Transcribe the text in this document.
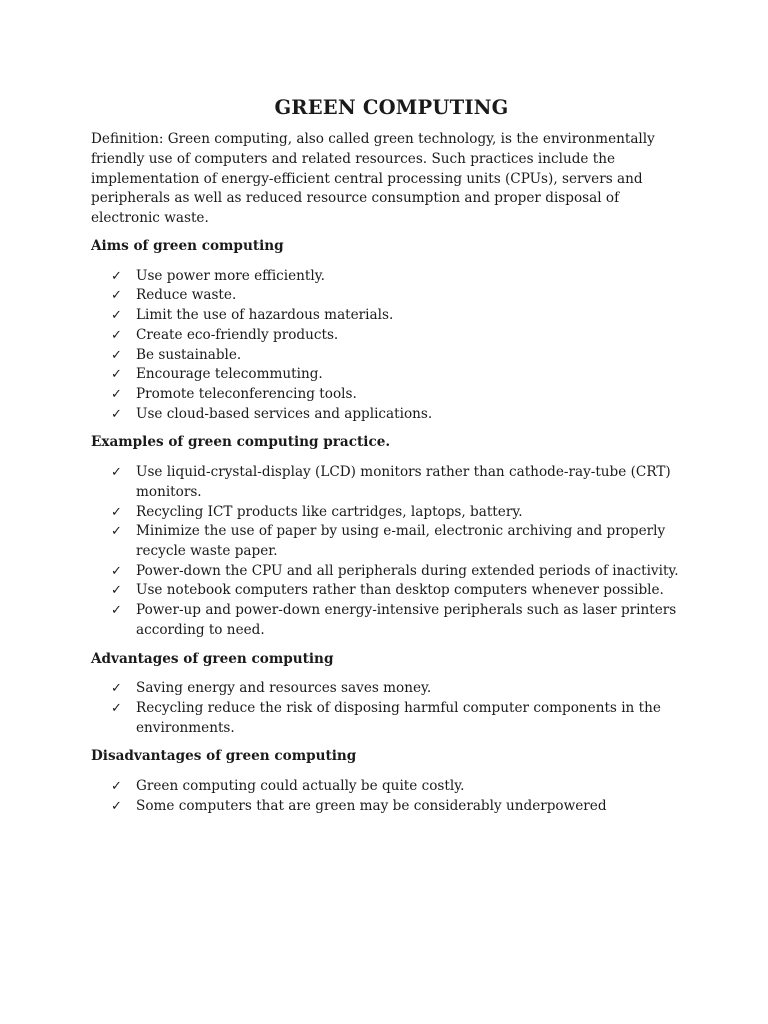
GREEN COMPUTING

Definition: Green computing, also called green technology, is the environmentally friendly use of computers and related resources. Such practices include the implementation of energy-efficient central processing units (CPUs), servers and peripherals as well as reduced resource consumption and proper disposal of electronic waste.

Aims of green computing
✓ Use power more efficiently.
✓ Reduce waste.
✓ Limit the use of hazardous materials.
✓ Create eco-friendly products.
✓ Be sustainable.
✓ Encourage telecommuting.
✓ Promote teleconferencing tools.
✓ Use cloud-based services and applications.
Examples of green computing practice.
✓ Use liquid-crystal-display (LCD) monitors rather than cathode-ray-tube (CRT) monitors.
✓ Recycling ICT products like cartridges, laptops, battery.
✓ Minimize the use of paper by using e-mail, electronic archiving and properly recycle waste paper.
✓ Power-down the CPU and all peripherals during extended periods of inactivity.
✓ Use notebook computers rather than desktop computers whenever possible.
✓ Power-up and power-down energy-intensive peripherals such as laser printers according to need.
Advantages of green computing
✓ Saving energy and resources saves money.
✓ Recycling reduce the risk of disposing harmful computer components in the environments.
Disadvantages of green computing
✓ Green computing could actually be quite costly.
✓ Some computers that are green may be considerably underpowered
